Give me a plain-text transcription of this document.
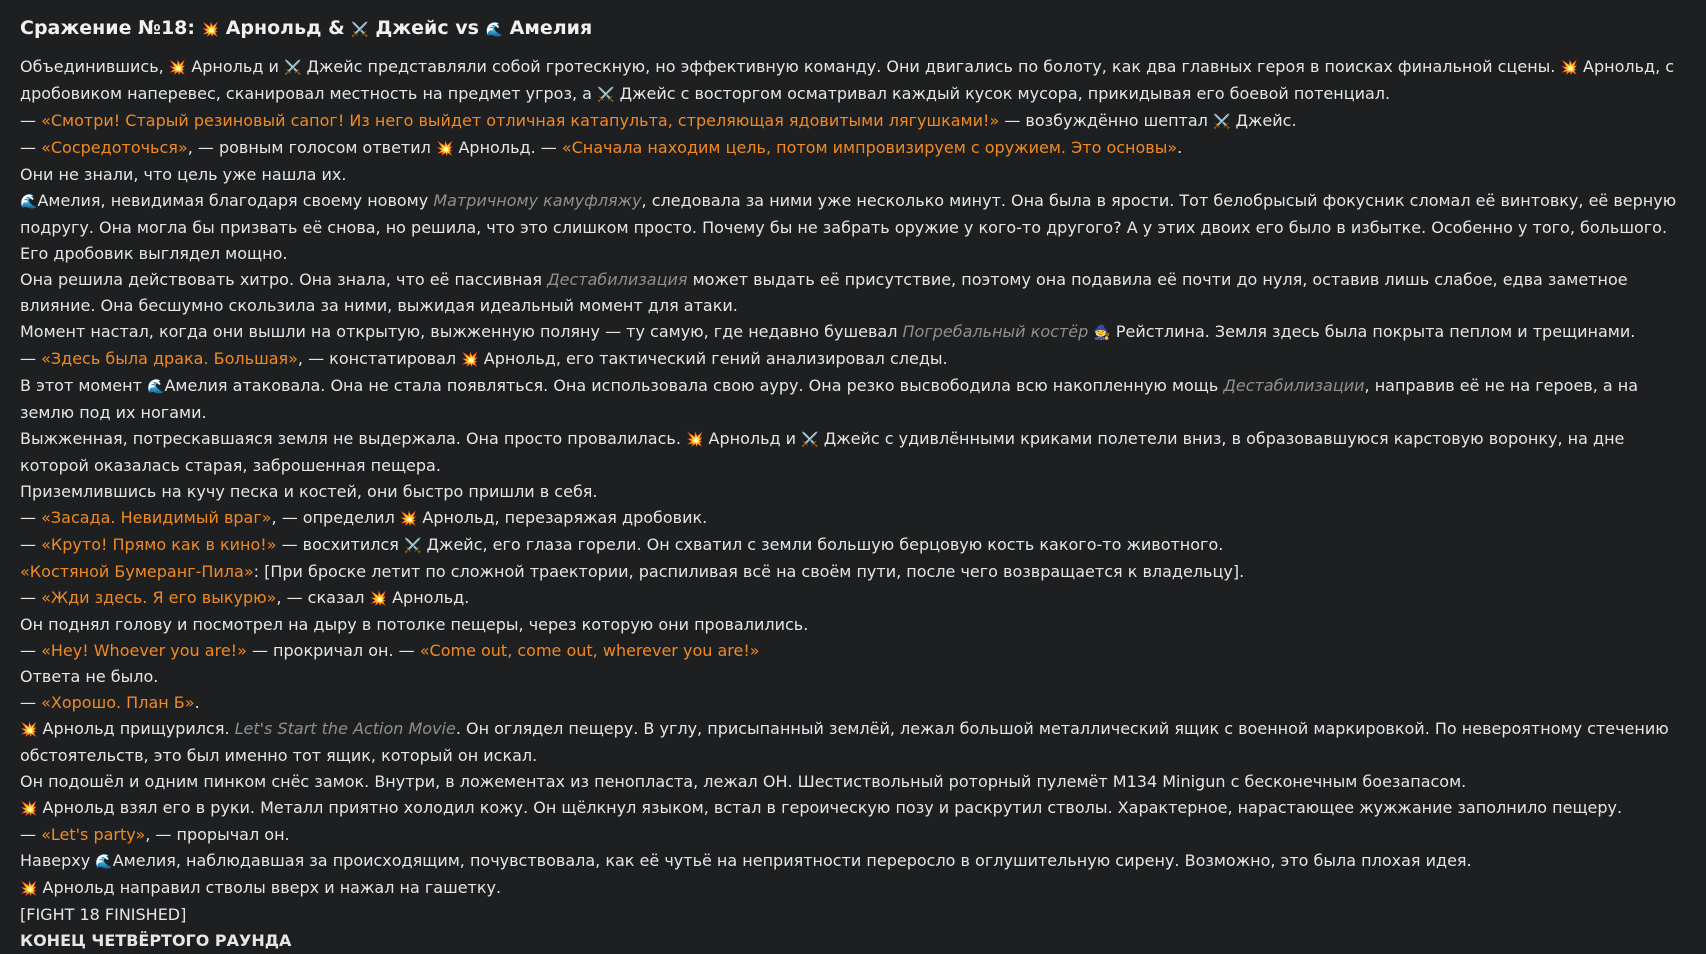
Сражение №18: 💥 Арнольд & ⚔️ Джейс vs 🌊 Амелия

Объединившись, 💥 Арнольд и ⚔️ Джейс представляли собой гротескную, но эффективную команду. Они двигались по болоту, как два главных героя в поисках финальной сцены. 💥 Арнольд, с дробовиком наперевес, сканировал местность на предмет угроз, а ⚔️ Джейс с восторгом осматривал каждый кусок мусора, прикидывая его боевой потенциал.

— «Смотри! Старый резиновый сапог! Из него выйдет отличная катапульта, стреляющая ядовитыми лягушками!» — возбуждённо шептал ⚔️ Джейс.

— «Сосредоточься», — ровным голосом ответил 💥 Арнольд. — «Сначала находим цель, потом импровизируем с оружием. Это основы».

Они не знали, что цель уже нашла их.

🌊Амелия, невидимая благодаря своему новому Матричному камуфляжу, следовала за ними уже несколько минут. Она была в ярости. Тот белобрысый фокусник сломал её винтовку, её верную подругу. Она могла бы призвать её снова, но решила, что это слишком просто. Почему бы не забрать оружие у кого-то другого? А у этих двоих его было в избытке. Особенно у того, большого. Его дробовик выглядел мощно.

Она решила действовать хитро. Она знала, что её пассивная Дестабилизация может выдать её присутствие, поэтому она подавила её почти до нуля, оставив лишь слабое, едва заметное влияние. Она бесшумно скользила за ними, выжидая идеальный момент для атаки.

Момент настал, когда они вышли на открытую, выжженную поляну — ту самую, где недавно бушевал Погребальный костёр 🧙 Рейстлина. Земля здесь была покрыта пеплом и трещинами.

— «Здесь была драка. Большая», — констатировал 💥 Арнольд, его тактический гений анализировал следы.

В этот момент 🌊Амелия атаковала. Она не стала появляться. Она использовала свою ауру. Она резко высвободила всю накопленную мощь Дестабилизации, направив её не на героев, а на землю под их ногами.

Выжженная, потрескавшаяся земля не выдержала. Она просто провалилась. 💥 Арнольд и ⚔️ Джейс с удивлёнными криками полетели вниз, в образовавшуюся карстовую воронку, на дне которой оказалась старая, заброшенная пещера.

Приземлившись на кучу песка и костей, они быстро пришли в себя.

— «Засада. Невидимый враг», — определил 💥 Арнольд, перезаряжая дробовик.

— «Круто! Прямо как в кино!» — восхитился ⚔️ Джейс, его глаза горели. Он схватил с земли большую берцовую кость какого-то животного.

«Костяной Бумеранг-Пила»: [При броске летит по сложной траектории, распиливая всё на своём пути, после чего возвращается к владельцу].

— «Жди здесь. Я его выкурю», — сказал 💥 Арнольд.

Он поднял голову и посмотрел на дыру в потолке пещеры, через которую они провалились.

— «Hey! Whoever you are!» — прокричал он. — «Come out, come out, wherever you are!»

Ответа не было.

— «Хорошо. План Б».

💥 Арнольд прищурился. Let's Start the Action Movie. Он оглядел пещеру. В углу, присыпанный землёй, лежал большой металлический ящик с военной маркировкой. По невероятному стечению обстоятельств, это был именно тот ящик, который он искал.

Он подошёл и одним пинком снёс замок. Внутри, в ложементах из пенопласта, лежал ОН. Шестиствольный роторный пулемёт M134 Minigun с бесконечным боезапасом.

💥 Арнольд взял его в руки. Металл приятно холодил кожу. Он щёлкнул языком, встал в героическую позу и раскрутил стволы. Характерное, нарастающее жужжание заполнило пещеру.

— «Let's party», — прорычал он.

Наверху 🌊Амелия, наблюдавшая за происходящим, почувствовала, как её чутьё на неприятности переросло в оглушительную сирену. Возможно, это была плохая идея.

💥 Арнольд направил стволы вверх и нажал на гашетку.

[FIGHT 18 FINISHED]

КОНЕЦ ЧЕТВЁРТОГО РАУНДА
